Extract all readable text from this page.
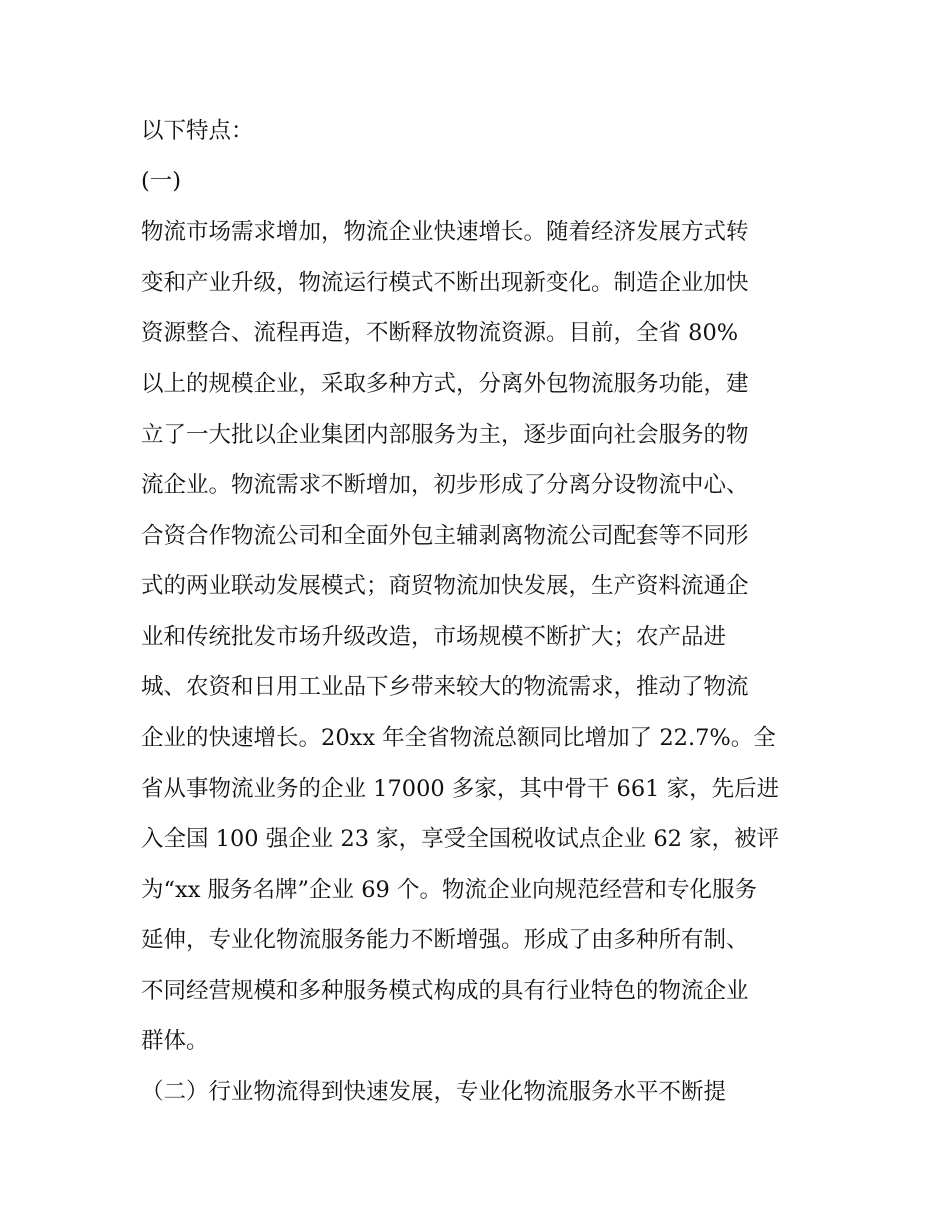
以下特点：
(一)
物流市场需求增加，物流企业快速增长。随着经济发展方式转
变和产业升级，物流运行模式不断出现新变化。制造企业加快
资源整合、流程再造，不断释放物流资源。目前，全省 80%
以上的规模企业，采取多种方式，分离外包物流服务功能，建
立了一大批以企业集团内部服务为主，逐步面向社会服务的物
流企业。物流需求不断增加，初步形成了分离分设物流中心、
合资合作物流公司和全面外包主辅剥离物流公司配套等不同形
式的两业联动发展模式；商贸物流加快发展，生产资料流通企
业和传统批发市场升级改造，市场规模不断扩大；农产品进
城、农资和日用工业品下乡带来较大的物流需求，推动了物流
企业的快速增长。20xx 年全省物流总额同比增加了 22.7%。全
省从事物流业务的企业 17000 多家，其中骨干 661 家，先后进
入全国 100 强企业 23 家，享受全国税收试点企业 62 家，被评
为“xx 服务名牌”企业 69 个。物流企业向规范经营和专化服务
延伸，专业化物流服务能力不断增强。形成了由多种所有制、
不同经营规模和多种服务模式构成的具有行业特色的物流企业
群体。
（二）行业物流得到快速发展，专业化物流服务水平不断提
